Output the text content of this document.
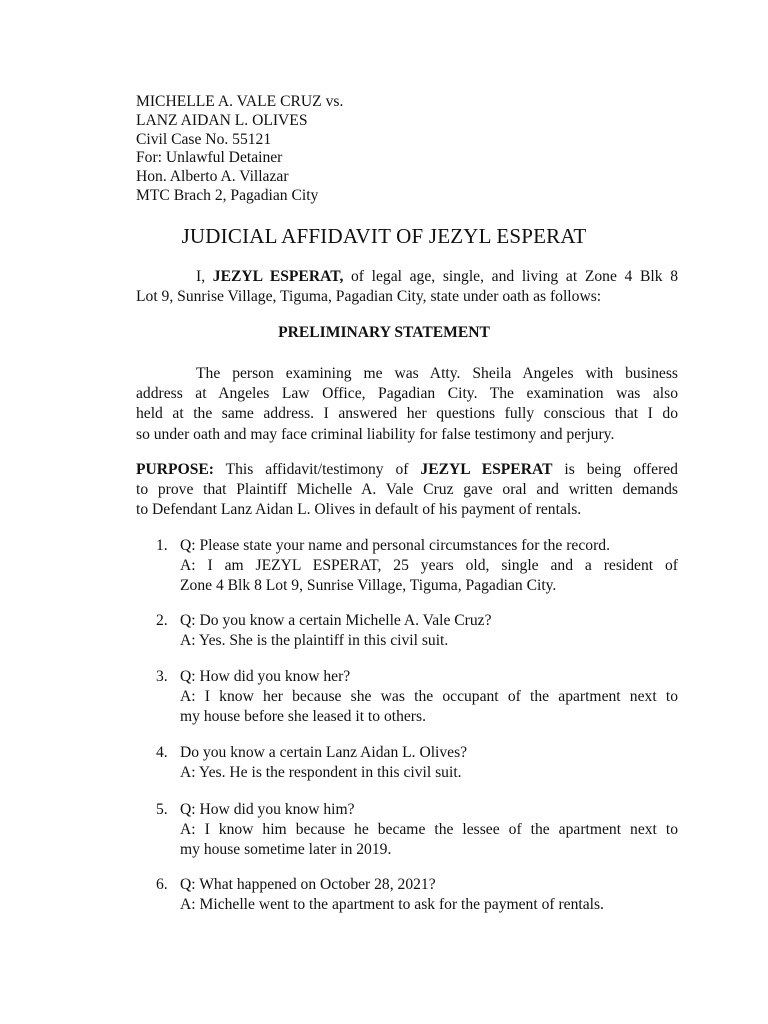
MICHELLE A. VALE CRUZ vs.
LANZ AIDAN L. OLIVES
Civil Case No. 55121
For: Unlawful Detainer
Hon. Alberto A. Villazar
MTC Brach 2, Pagadian City
JUDICIAL AFFIDAVIT OF JEZYL ESPERAT
I, JEZYL ESPERAT, of legal age, single, and living at Zone 4 Blk 8
Lot 9, Sunrise Village, Tiguma, Pagadian City, state under oath as follows:
PRELIMINARY STATEMENT
The person examining me was Atty. Sheila Angeles with business
address at Angeles Law Office, Pagadian City. The examination was also
held at the same address. I answered her questions fully conscious that I do
so under oath and may face criminal liability for false testimony and perjury.
PURPOSE: This affidavit/testimony of JEZYL ESPERAT is being offered
to prove that Plaintiff Michelle A. Vale Cruz gave oral and written demands
to Defendant Lanz Aidan L. Olives in default of his payment of rentals.
1. Q: Please state your name and personal circumstances for the record.
A: I am JEZYL ESPERAT, 25 years old, single and a resident of
Zone 4 Blk 8 Lot 9, Sunrise Village, Tiguma, Pagadian City.
2. Q: Do you know a certain Michelle A. Vale Cruz?
A: Yes. She is the plaintiff in this civil suit.
3. Q: How did you know her?
A: I know her because she was the occupant of the apartment next to
my house before she leased it to others.
4. Do you know a certain Lanz Aidan L. Olives?
A: Yes. He is the respondent in this civil suit.
5. Q: How did you know him?
A: I know him because he became the lessee of the apartment next to
my house sometime later in 2019.
6. Q: What happened on October 28, 2021?
A: Michelle went to the apartment to ask for the payment of rentals.
